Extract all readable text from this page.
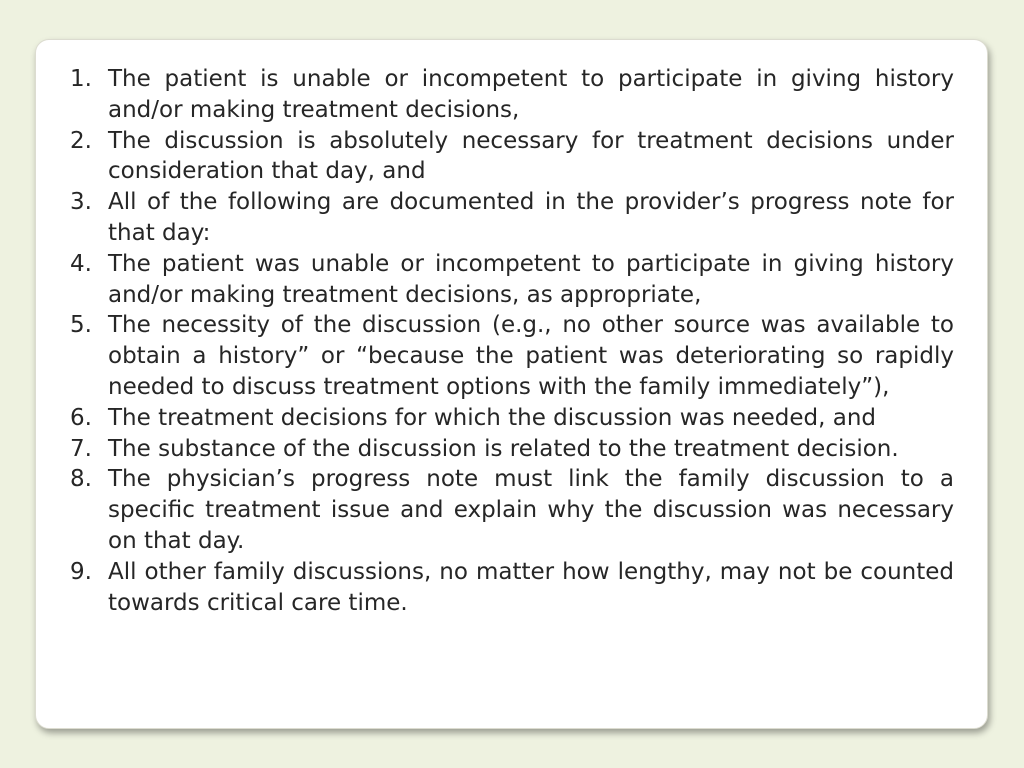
1. The patient is unable or incompetent to participate in giving history and/or making treatment decisions,
2. The discussion is absolutely necessary for treatment decisions under consideration that day, and
3. All of the following are documented in the provider’s progress note for that day:
4. The patient was unable or incompetent to participate in giving history and/or making treatment decisions, as appropriate,
5. The necessity of the discussion (e.g., no other source was available to obtain a history” or “because the patient was deteriorating so rapidly needed to discuss treatment options with the family immediately”),
6. The treatment decisions for which the discussion was needed, and
7. The substance of the discussion is related to the treatment decision.
8. The physician’s progress note must link the family discussion to a specific treatment issue and explain why the discussion was necessary on that day.
9. All other family discussions, no matter how lengthy, may not be counted towards critical care time.
